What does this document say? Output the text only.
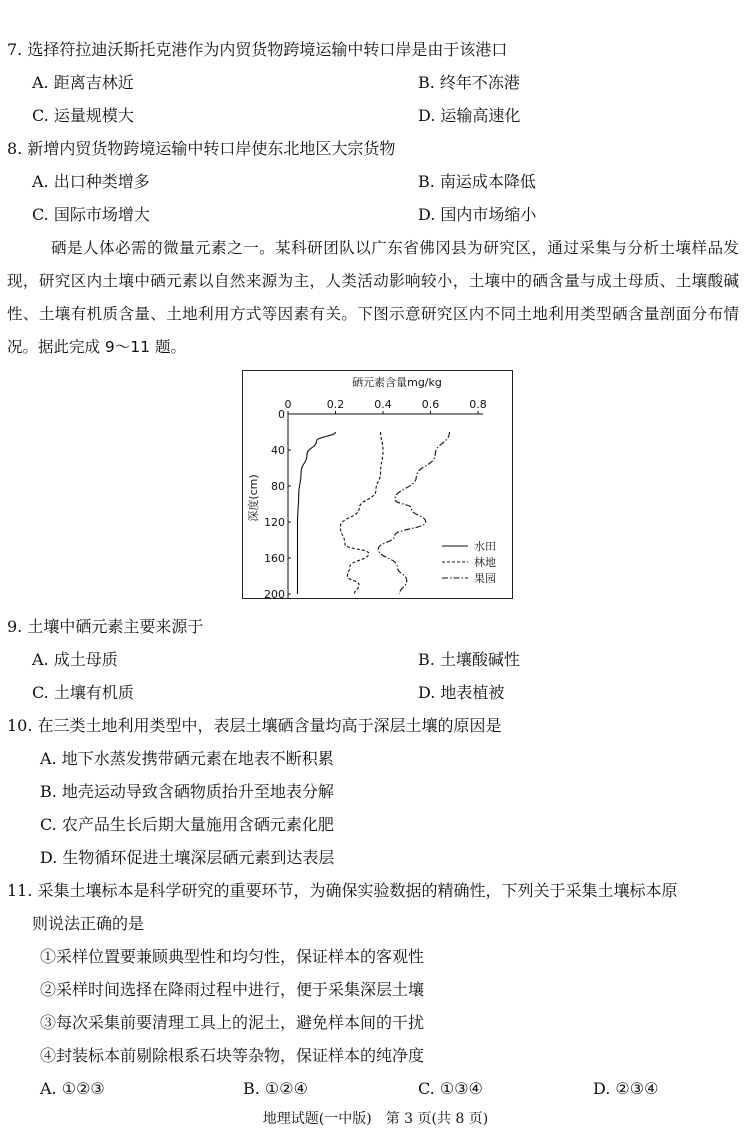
7. 选择符拉迪沃斯托克港作为内贸货物跨境运输中转口岸是由于该港口
A. 距离吉林近	B. 终年不冻港
C. 运量规模大	D. 运输高速化
8. 新增内贸货物跨境运输中转口岸使东北地区大宗货物
A. 出口种类增多	B. 南运成本降低
C. 国际市场增大	D. 国内市场缩小
硒是人体必需的微量元素之一。某科研团队以广东省佛冈县为研究区，通过采集与分析土壤样品发现，研究区内土壤中硒元素以自然来源为主，人类活动影响较小，土壤中的硒含量与成土母质、土壤酸碱性、土壤有机质含量、土地利用方式等因素有关。下图示意研究区内不同土地利用类型硒含量剖面分布情况。据此完成 9～11 题。
硒元素含量mg/kg
深度(cm)
0	0.2	0.4	0.6	0.8
0
40
80
120
160
200
水田
林地
果园
9. 土壤中硒元素主要来源于
A. 成土母质	B. 土壤酸碱性
C. 土壤有机质	D. 地表植被
10. 在三类土地利用类型中，表层土壤硒含量均高于深层土壤的原因是
A. 地下水蒸发携带硒元素在地表不断积累
B. 地壳运动导致含硒物质抬升至地表分解
C. 农产品生长后期大量施用含硒元素化肥
D. 生物循环促进土壤深层硒元素到达表层
11. 采集土壤标本是科学研究的重要环节，为确保实验数据的精确性，下列关于采集土壤标本原
则说法正确的是
①采样位置要兼顾典型性和均匀性，保证样本的客观性
②采样时间选择在降雨过程中进行，便于采集深层土壤
③每次采集前要清理工具上的泥土，避免样本间的干扰
④封装标本前剔除根系石块等杂物，保证样本的纯净度
A. ①②③	B. ①②④	C. ①③④	D. ②③④
地理试题(一中版)　第 3 页(共 8 页)
